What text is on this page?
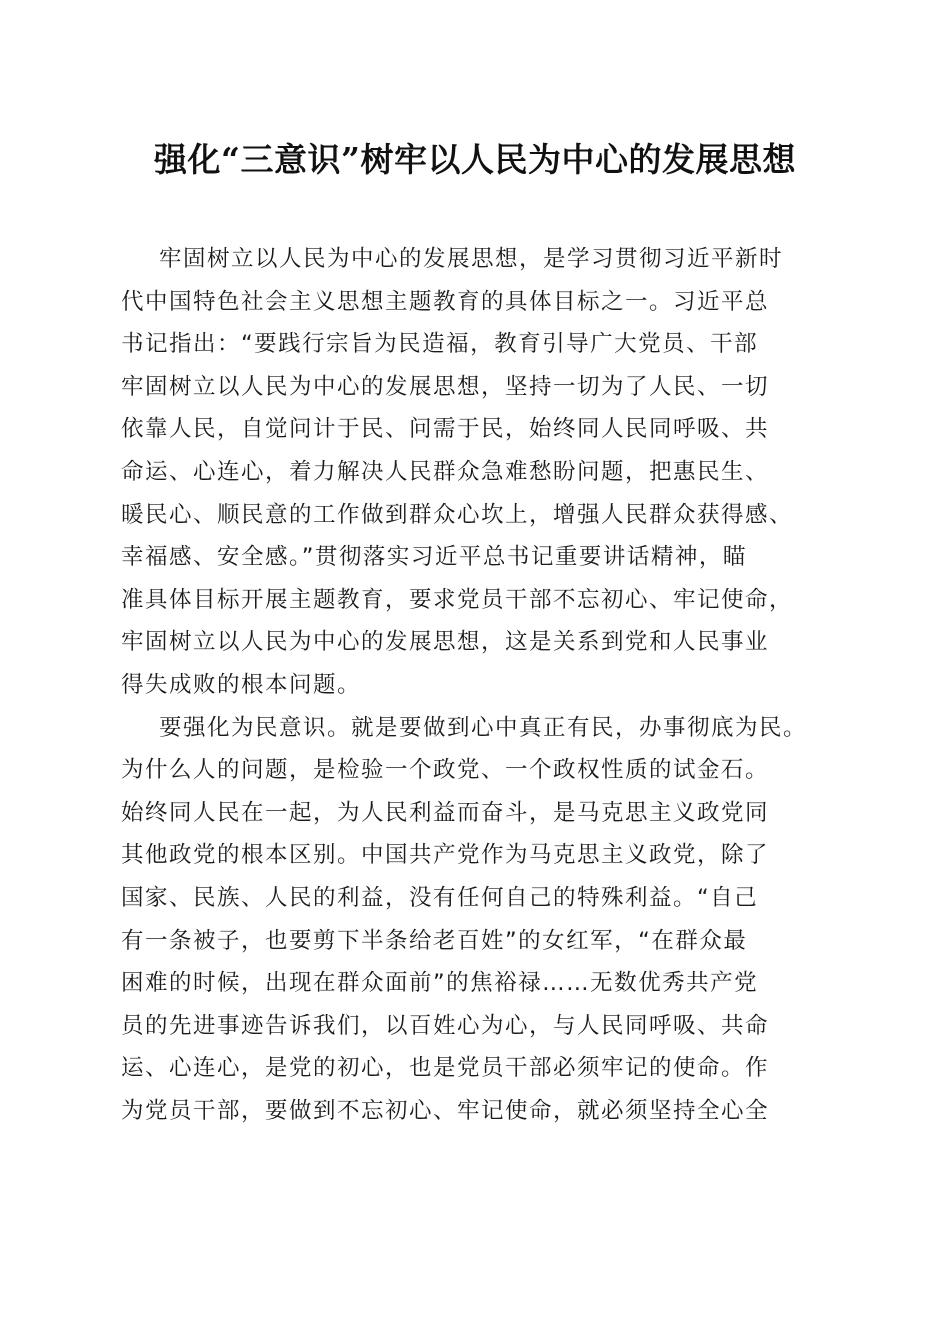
强化“三意识”树牢以人民为中心的发展思想

牢固树立以人民为中心的发展思想，是学习贯彻习近平新时

代中国特色社会主义思想主题教育的具体目标之一。习近平总

书记指出：“要践行宗旨为民造福，教育引导广大党员、干部

牢固树立以人民为中心的发展思想，坚持一切为了人民、一切

依靠人民，自觉问计于民、问需于民，始终同人民同呼吸、共

命运、心连心，着力解决人民群众急难愁盼问题，把惠民生、

暖民心、顺民意的工作做到群众心坎上，增强人民群众获得感、

幸福感、安全感。”贯彻落实习近平总书记重要讲话精神，瞄

准具体目标开展主题教育，要求党员干部不忘初心、牢记使命，

牢固树立以人民为中心的发展思想，这是关系到党和人民事业

得失成败的根本问题。

要强化为民意识。就是要做到心中真正有民，办事彻底为民。

为什么人的问题，是检验一个政党、一个政权性质的试金石。

始终同人民在一起，为人民利益而奋斗，是马克思主义政党同

其他政党的根本区别。中国共产党作为马克思主义政党，除了

国家、民族、人民的利益，没有任何自己的特殊利益。“自己

有一条被子，也要剪下半条给老百姓”的女红军，“在群众最

困难的时候，出现在群众面前”的焦裕禄……无数优秀共产党

员的先进事迹告诉我们，以百姓心为心，与人民同呼吸、共命

运、心连心，是党的初心，也是党员干部必须牢记的使命。作

为党员干部，要做到不忘初心、牢记使命，就必须坚持全心全
